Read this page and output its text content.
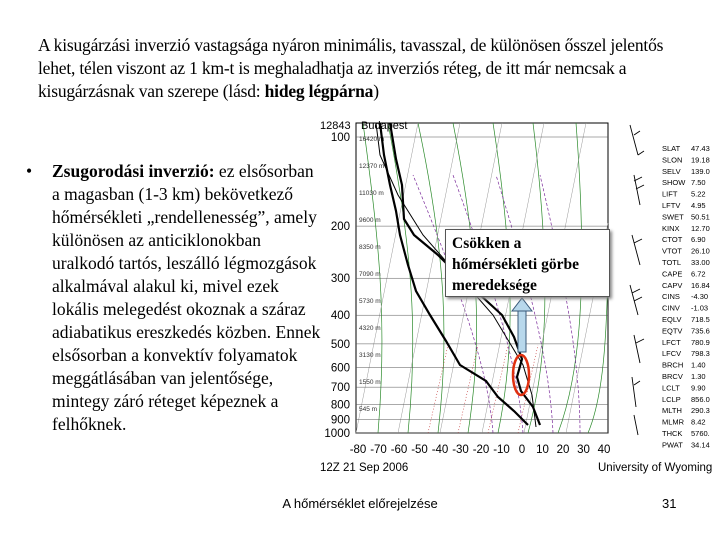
A kisugárzási inverzió vastagsága nyáron minimális, tavasszal, de különösen ősszel jelentős lehet, télen viszont az 1 km-t is meghaladhatja az inverziós réteg, de itt már nemcsak a kisugárzásnak van szerepe (lásd: hideg légpárna)
• Zsugorodási inverzió: ez elsősorban a magasban (1-3 km) bekövetkező hőmérsékleti „rendellenesség”, amely különösen az anticiklonokban uralkodó tartós, leszálló légmozgások alkalmával alakul ki, mivel ezek lokális melegedést okoznak a száraz adiabatikus ereszkedés közben. Ennek elsősorban a konvektív folyamatok meggátlásában van jelentősége, mintegy záró réteget képeznek a felhőknek.
100
200
300
400
500
600
700
800
900
1000
-80 -70 -60 -50 -40 -30 -20 -10 0 10 20 30 40
16420 m
12370 m
11030 m
9600 m
8350 m
7090 m
5730 m
4320 m
3130 m
1550 m
545 m
12843 Budapest
12Z 21 Sep 2006	University of Wyoming
SLAT 47.43
SLON 19.18
SELV 139.0
SHOW 7.50
LIFT 5.22
LFTV 4.95
SWET 50.51
KINX 12.70
CTOT 6.90
VTOT 26.10
TOTL 33.00
CAPE 6.72
CAPV 16.84
CINS -4.30
CINV -1.03
EQLV 718.5
EQTV 735.6
LFCT 780.9
LFCV 798.3
BRCH 1.40
BRCV 1.30
LCLT 9.90
LCLP 856.0
MLTH 290.3
MLMR 8.42
THCK 5760.
PWAT 34.14
Csökken a
hőmérsékleti görbe
meredeksége
A hőmérséklet előrejelzése	31
